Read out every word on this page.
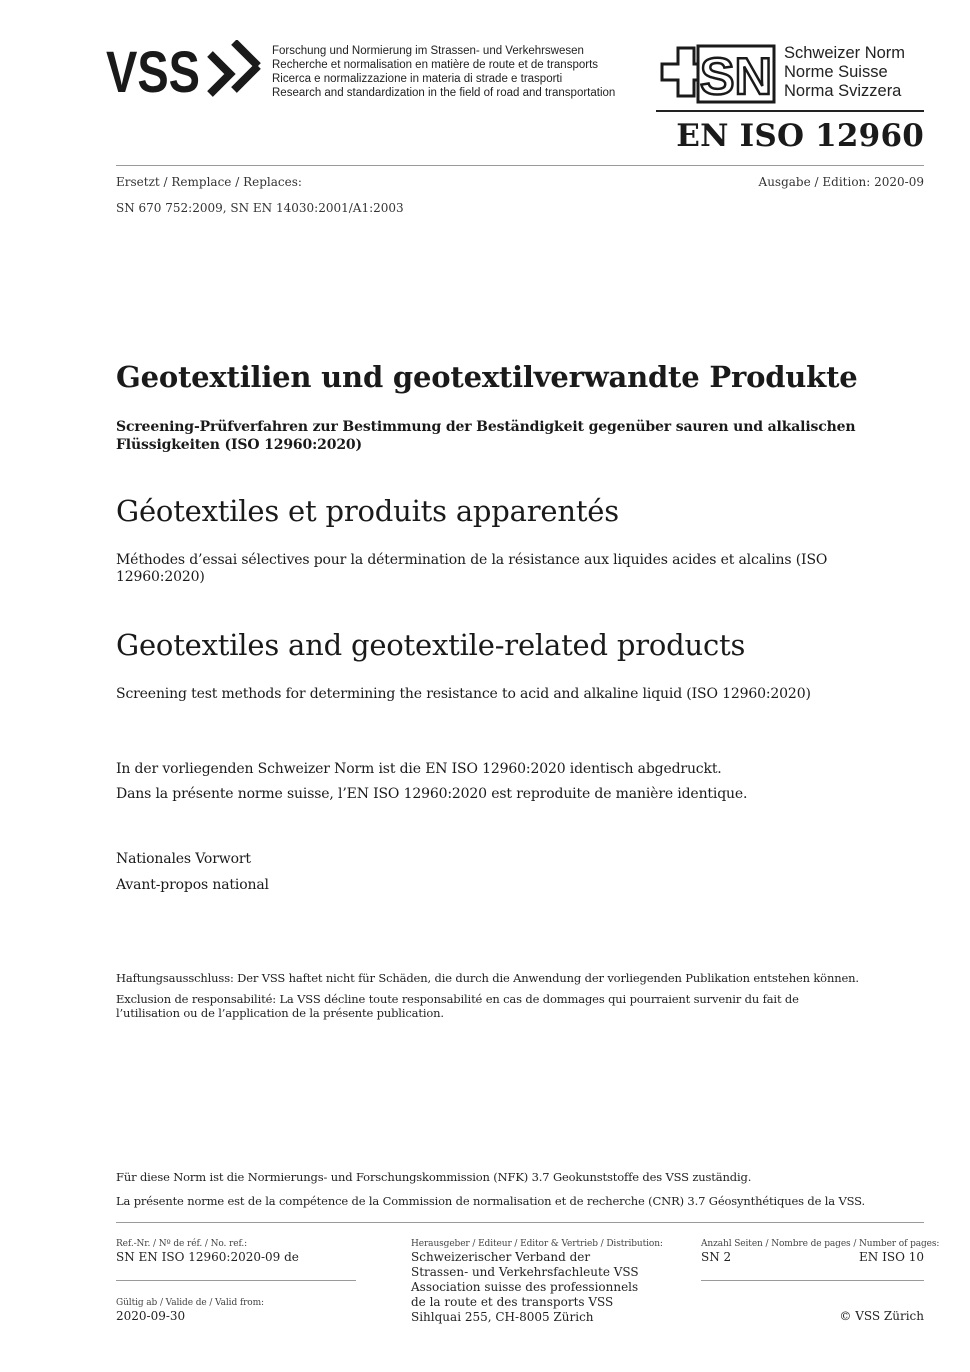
VSS	Forschung und Normierung im Strassen- und Verkehrswesen
Recherche et normalisation en matière de route et de transports
Ricerca e normalizzazione in materia di strade e trasporti
Research and standardization in the field of road and transportation SN Schweizer Norm
Norme Suisse
Norma Svizzera
EN ISO 12960
Ersetzt / Remplace / Replaces:	Ausgabe / Edition: 2020-09
SN 670 752:2009, SN EN 14030:2001/A1:2003
Geotextilien und geotextilverwandte Produkte
Screening-Prüfverfahren zur Bestimmung der Beständigkeit gegenüber sauren und alkalischen Flüssigkeiten (ISO 12960:2020)
Géotextiles et produits apparentés
Méthodes d’essai sélectives pour la détermination de la résistance aux liquides acides et alcalins (ISO 12960:2020)
Geotextiles and geotextile-related products
Screening test methods for determining the resistance to acid and alkaline liquid (ISO 12960:2020)
In der vorliegenden Schweizer Norm ist die EN ISO 12960:2020 identisch abgedruckt.
Dans la présente norme suisse, l’EN ISO 12960:2020 est reproduite de manière identique.
Nationales Vorwort
Avant-propos national
Haftungsausschluss: Der VSS haftet nicht für Schäden, die durch die Anwendung der vorliegenden Publikation entstehen können.
Exclusion de responsabilité: La VSS décline toute responsabilité en cas de dommages qui pourraient survenir du fait de l’utilisation ou de l’application de la présente publication.
Für diese Norm ist die Normierungs- und Forschungskommission (NFK) 3.7 Geokunststoffe des VSS zuständig.
La présente norme est de la compétence de la Commission de normalisation et de recherche (CNR) 3.7 Géosynthétiques de la VSS.
Ref.-Nr. / Nº de réf. / No. ref.:
SN EN ISO 12960:2020-09 de
Gültig ab / Valide de / Valid from:
2020-09-30
Herausgeber / Editeur / Editor & Vertrieb / Distribution:
Schweizerischer Verband der
Strassen- und Verkehrsfachleute VSS
Association suisse des professionnels
de la route et des transports VSS
Sihlquai 255, CH-8005 Zürich
Anzahl Seiten / Nombre de pages / Number of pages:
SN 2	EN ISO 10
© VSS Zürich
